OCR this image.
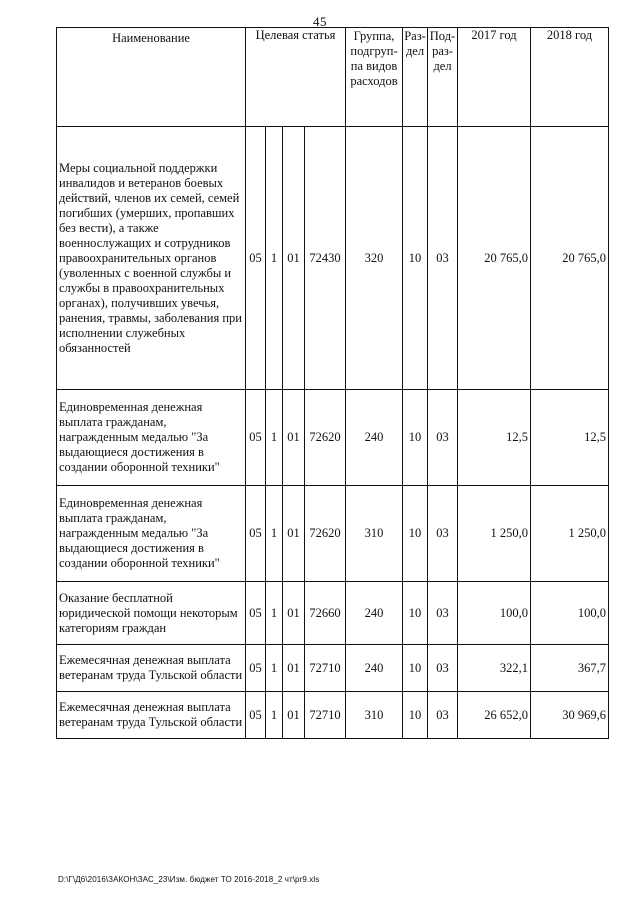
45
Наименование	Целевая статья				Группа,
подгруп-
па видов
расходов	Раз-
дел	Под-
раз-
дел	2017 год	2018 год
Меры социальной поддержки инвалидов и ветеранов боевых действий, членов их семей, семей погибших (умерших, пропавших без вести), а также военнослужащих и сотрудников правоохранительных органов (уволенных с военной службы и службы в правоохранительных органах), получивших увечья, ранения, травмы, заболевания при исполнении служебных обязанностей	05	1	01	72430	320	10	03	20 765,0	20 765,0
Единовременная денежная выплата гражданам, награжденным медалью "За выдающиеся достижения в создании оборонной техники"	05	1	01	72620	240	10	03	12,5	12,5
Единовременная денежная выплата гражданам, награжденным медалью "За выдающиеся достижения в создании оборонной техники"	05	1	01	72620	310	10	03	1 250,0	1 250,0
Оказание бесплатной юридической помощи некоторым категориям граждан	05	1	01	72660	240	10	03	100,0	100,0
Ежемесячная денежная выплата ветеранам труда Тульской области	05	1	01	72710	240	10	03	322,1	367,7
Ежемесячная денежная выплата ветеранам труда Тульской области	05	1	01	72710	310	10	03	26 652,0	30 969,6
D:\Г\Д6\2016\ЗАКОН\ЗАС_23\Изм. бюджет ТО 2016-2018_2 чт\pr9.xls
